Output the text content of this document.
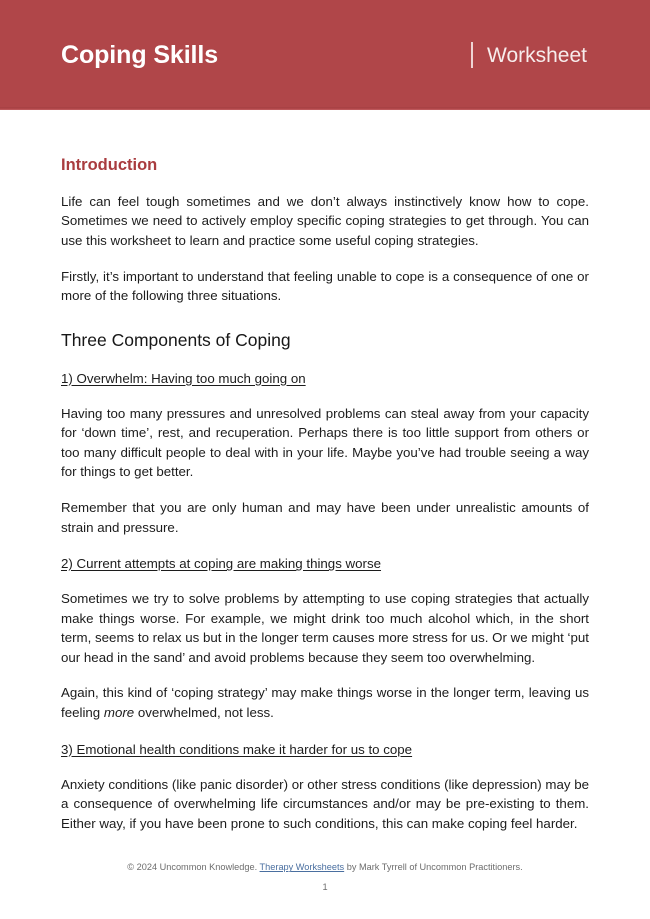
Coping Skills	Worksheet
Introduction

Life can feel tough sometimes and we don’t always instinctively know how to cope. Sometimes we need to actively employ specific coping strategies to get through. You can use this worksheet to learn and practice some useful coping strategies.

Firstly, it’s important to understand that feeling unable to cope is a consequence of one or more of the following three situations.

Three Components of Coping
1) Overwhelm: Having too much going on

Having too many pressures and unresolved problems can steal away from your capacity for ‘down time’, rest, and recuperation. Perhaps there is too little support from others or too many difficult people to deal with in your life. Maybe you’ve had trouble seeing a way for things to get better.

Remember that you are only human and may have been under unrealistic amounts of strain and pressure.

2) Current attempts at coping are making things worse

Sometimes we try to solve problems by attempting to use coping strategies that actually make things worse. For example, we might drink too much alcohol which, in the short term, seems to relax us but in the longer term causes more stress for us. Or we might ‘put our head in the sand’ and avoid problems because they seem too overwhelming.

Again, this kind of ‘coping strategy’ may make things worse in the longer term, leaving us feeling more overwhelmed, not less.

3) Emotional health conditions make it harder for us to cope

Anxiety conditions (like panic disorder) or other stress conditions (like depression) may be a consequence of overwhelming life circumstances and/or may be pre-existing to them. Either way, if you have been prone to such conditions, this can make coping feel harder.

© 2024 Uncommon Knowledge. Therapy Worksheets by Mark Tyrrell of Uncommon Practitioners.
1
